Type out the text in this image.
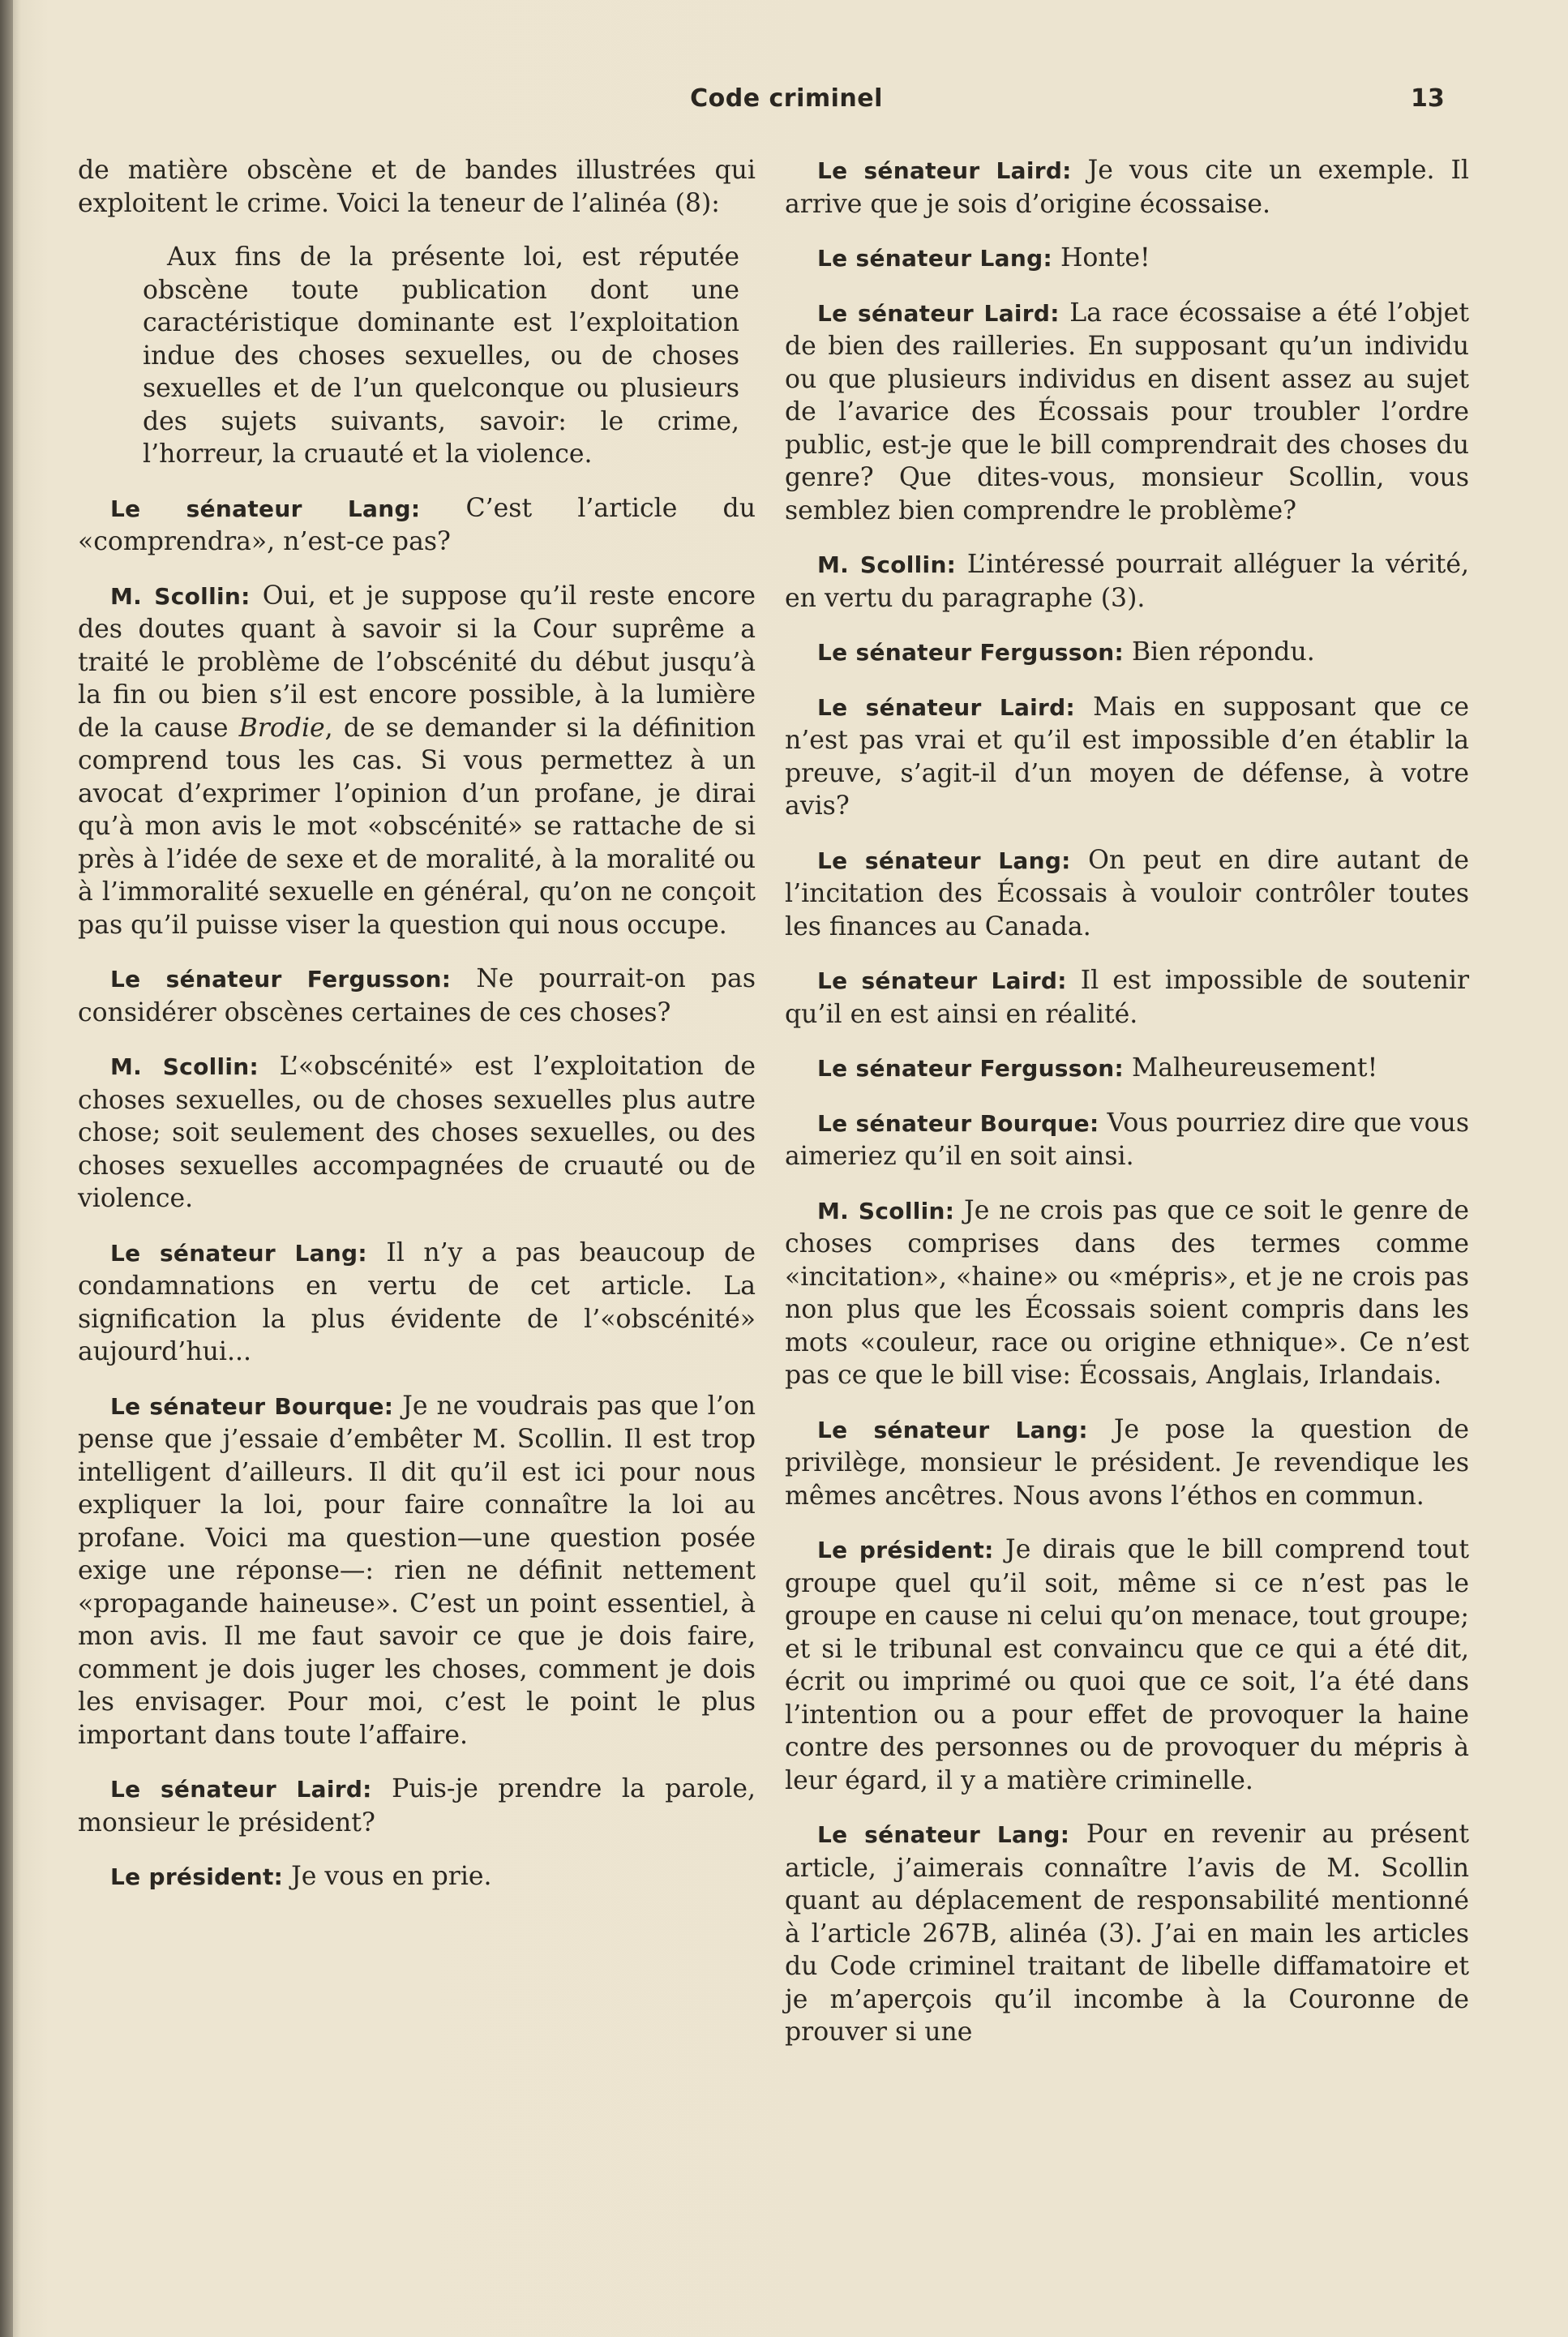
Code criminel	13

de matière obscène et de bandes illustrées qui exploitent le crime. Voici la teneur de l’alinéa (8):

Aux fins de la présente loi, est réputée obscène toute publication dont une caractéristique dominante est l’exploitation indue des choses sexuelles, ou de choses sexuelles et de l’un quelconque ou plusieurs des sujets suivants, savoir: le crime, l’horreur, la cruauté et la violence.

Le sénateur Lang: C’est l’article du «comprendra», n’est-ce pas?

M. Scollin: Oui, et je suppose qu’il reste encore des doutes quant à savoir si la Cour suprême a traité le problème de l’obscénité du début jusqu’à la fin ou bien s’il est encore possible, à la lumière de la cause Brodie, de se demander si la définition comprend tous les cas. Si vous permettez à un avocat d’exprimer l’opinion d’un profane, je dirai qu’à mon avis le mot «obscénité» se rattache de si près à l’idée de sexe et de moralité, à la moralité ou à l’immoralité sexuelle en général, qu’on ne conçoit pas qu’il puisse viser la question qui nous occupe.

Le sénateur Fergusson: Ne pourrait-on pas considérer obscènes certaines de ces choses?

M. Scollin: L’«obscénité» est l’exploitation de choses sexuelles, ou de choses sexuelles plus autre chose; soit seulement des choses sexuelles, ou des choses sexuelles accompagnées de cruauté ou de violence.

Le sénateur Lang: Il n’y a pas beaucoup de condamnations en vertu de cet article. La signification la plus évidente de l’«obscénité» aujourd’hui...

Le sénateur Bourque: Je ne voudrais pas que l’on pense que j’essaie d’embêter M. Scollin. Il est trop intelligent d’ailleurs. Il dit qu’il est ici pour nous expliquer la loi, pour faire connaître la loi au profane. Voici ma question—une question posée exige une réponse—: rien ne définit nettement «propagande haineuse». C’est un point essentiel, à mon avis. Il me faut savoir ce que je dois faire, comment je dois juger les choses, comment je dois les envisager. Pour moi, c’est le point le plus important dans toute l’affaire.

Le sénateur Laird: Puis-je prendre la parole, monsieur le président?

Le président: Je vous en prie.

Le sénateur Laird: Je vous cite un exemple. Il arrive que je sois d’origine écossaise.

Le sénateur Lang: Honte!

Le sénateur Laird: La race écossaise a été l’objet de bien des railleries. En supposant qu’un individu ou que plusieurs individus en disent assez au sujet de l’avarice des Écossais pour troubler l’ordre public, est-je que le bill comprendrait des choses du genre? Que dites-vous, monsieur Scollin, vous semblez bien comprendre le problème?

M. Scollin: L’intéressé pourrait alléguer la vérité, en vertu du paragraphe (3).

Le sénateur Fergusson: Bien répondu.

Le sénateur Laird: Mais en supposant que ce n’est pas vrai et qu’il est impossible d’en établir la preuve, s’agit-il d’un moyen de défense, à votre avis?

Le sénateur Lang: On peut en dire autant de l’incitation des Écossais à vouloir contrôler toutes les finances au Canada.

Le sénateur Laird: Il est impossible de soutenir qu’il en est ainsi en réalité.

Le sénateur Fergusson: Malheureusement!

Le sénateur Bourque: Vous pourriez dire que vous aimeriez qu’il en soit ainsi.

M. Scollin: Je ne crois pas que ce soit le genre de choses comprises dans des termes comme «incitation», «haine» ou «mépris», et je ne crois pas non plus que les Écossais soient compris dans les mots «couleur, race ou origine ethnique». Ce n’est pas ce que le bill vise: Écossais, Anglais, Irlandais.

Le sénateur Lang: Je pose la question de privilège, monsieur le président. Je revendique les mêmes ancêtres. Nous avons l’éthos en commun.

Le président: Je dirais que le bill comprend tout groupe quel qu’il soit, même si ce n’est pas le groupe en cause ni celui qu’on menace, tout groupe; et si le tribunal est convaincu que ce qui a été dit, écrit ou imprimé ou quoi que ce soit, l’a été dans l’intention ou a pour effet de provoquer la haine contre des personnes ou de provoquer du mépris à leur égard, il y a matière criminelle.

Le sénateur Lang: Pour en revenir au présent article, j’aimerais connaître l’avis de M. Scollin quant au déplacement de responsabilité mentionné à l’article 267B, alinéa (3). J’ai en main les articles du Code criminel traitant de libelle diffamatoire et je m’aperçois qu’il incombe à la Couronne de prouver si une
